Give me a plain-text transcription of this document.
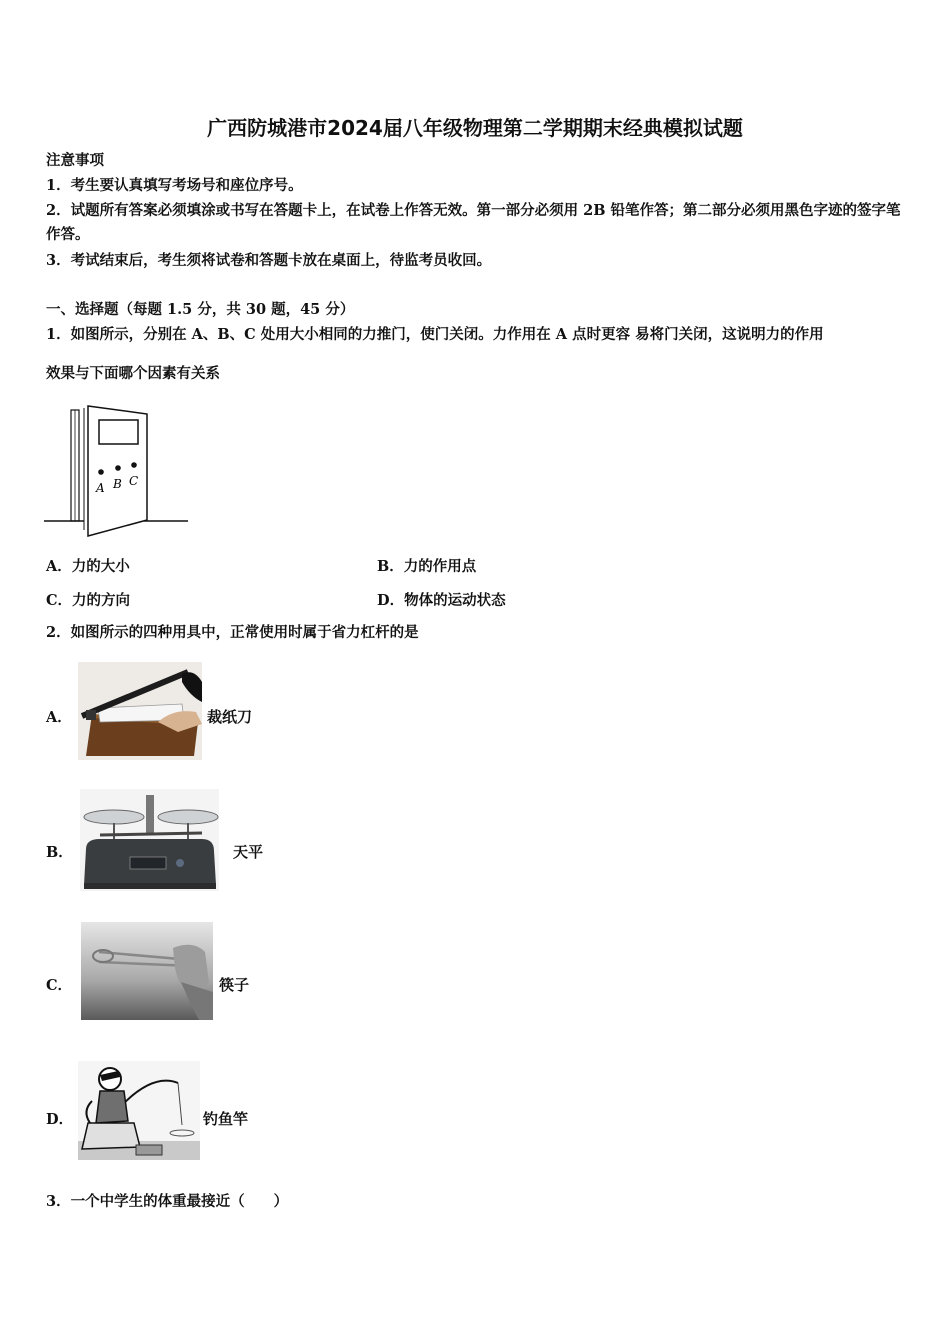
广西防城港市2024届八年级物理第二学期期末经典模拟试题
注意事项
1．考生要认真填写考场号和座位序号。
2．试题所有答案必须填涂或书写在答题卡上，在试卷上作答无效。第一部分必须用 2B 铅笔作答；第二部分必须用黑色字迹的签字笔作答。
3．考试结束后，考生须将试卷和答题卡放在桌面上，待监考员收回。
一、选择题（每题 1.5 分，共 30 题，45 分）
1．如图所示，分别在 A、B、C 处用大小相同的力推门，使门关闭。力作用在 A 点时更容 易将门关闭，这说明力的作用
效果与下面哪个因素有关系
A B C
A．力的大小	B．力的作用点
C．力的方向	D．物体的运动状态
2．如图所示的四种用具中，正常使用时属于省力杠杆的是
A．	裁纸刀
B．	天平
C．	筷子
D．	钓鱼竿
3．一个中学生的体重最接近（　　）
